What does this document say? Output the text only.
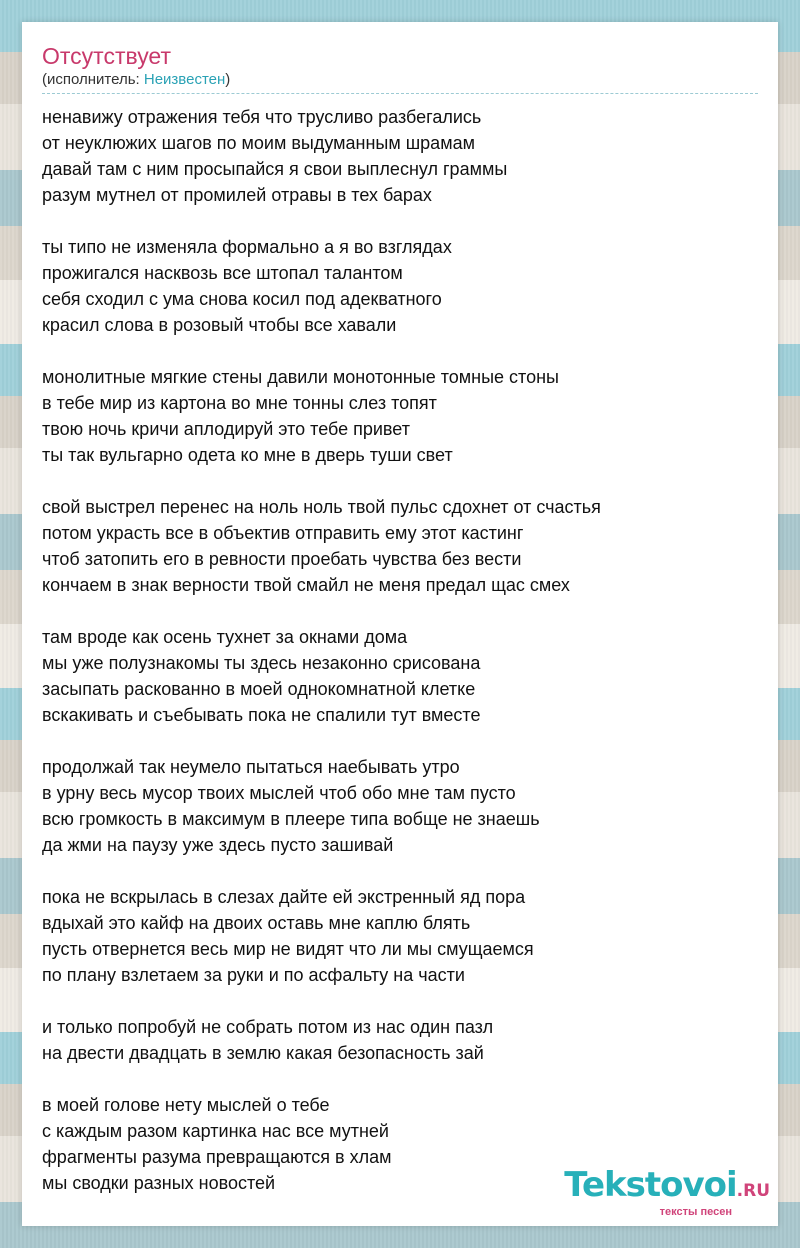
Отсутствует
(исполнитель: Неизвестен)
ненавижу отражения тебя что трусливо разбегались
от неуклюжих шагов по моим выдуманным шрамам
давай там с ним просыпайся я свои выплеснул граммы
разум мутнел от промилей отравы в тех барах
ты типо не изменяла формально а я во взглядах
прожигался насквозь все штопал талантом
себя сходил с ума снова косил под адекватного
красил слова в розовый чтобы все хавали
монолитные мягкие стены давили монотонные томные стоны
в тебе мир из картона во мне тонны слез топят
твою ночь кричи аплодируй это тебе привет
ты так вульгарно одета ко мне в дверь туши свет
свой выстрел перенес на ноль ноль твой пульс сдохнет от счастья
потом украсть все в объектив отправить ему этот кастинг
чтоб затопить его в ревности проебать чувства без вести
кончаем в знак верности твой смайл не меня предал щас смех
там вроде как осень тухнет за окнами дома
мы уже полузнакомы ты здесь незаконно срисована
засыпать раскованно в моей однокомнатной клетке
вскакивать и съебывать пока не спалили тут вместе
продолжай так неумело пытаться наебывать утро
в урну весь мусор твоих мыслей чтоб обо мне там пусто
всю громкость в максимум в плеере типа вобще не знаешь
да жми на паузу уже здесь пусто зашивай
пока не вскрылась в слезах дайте ей экстренный яд пора
вдыхай это кайф на двоих оставь мне каплю блять
пусть отвернется весь мир не видят что ли мы смущаемся
по плану взлетаем за руки и по асфальту на части
и только попробуй не собрать потом из нас один пазл
на двести двадцать в землю какая безопасность зай
в моей голове нету мыслей о тебе
с каждым разом картинка нас все мутней
фрагменты разума превращаются в хлам
мы сводки разных новостей	Tekstovoi.RU
тексты песен
